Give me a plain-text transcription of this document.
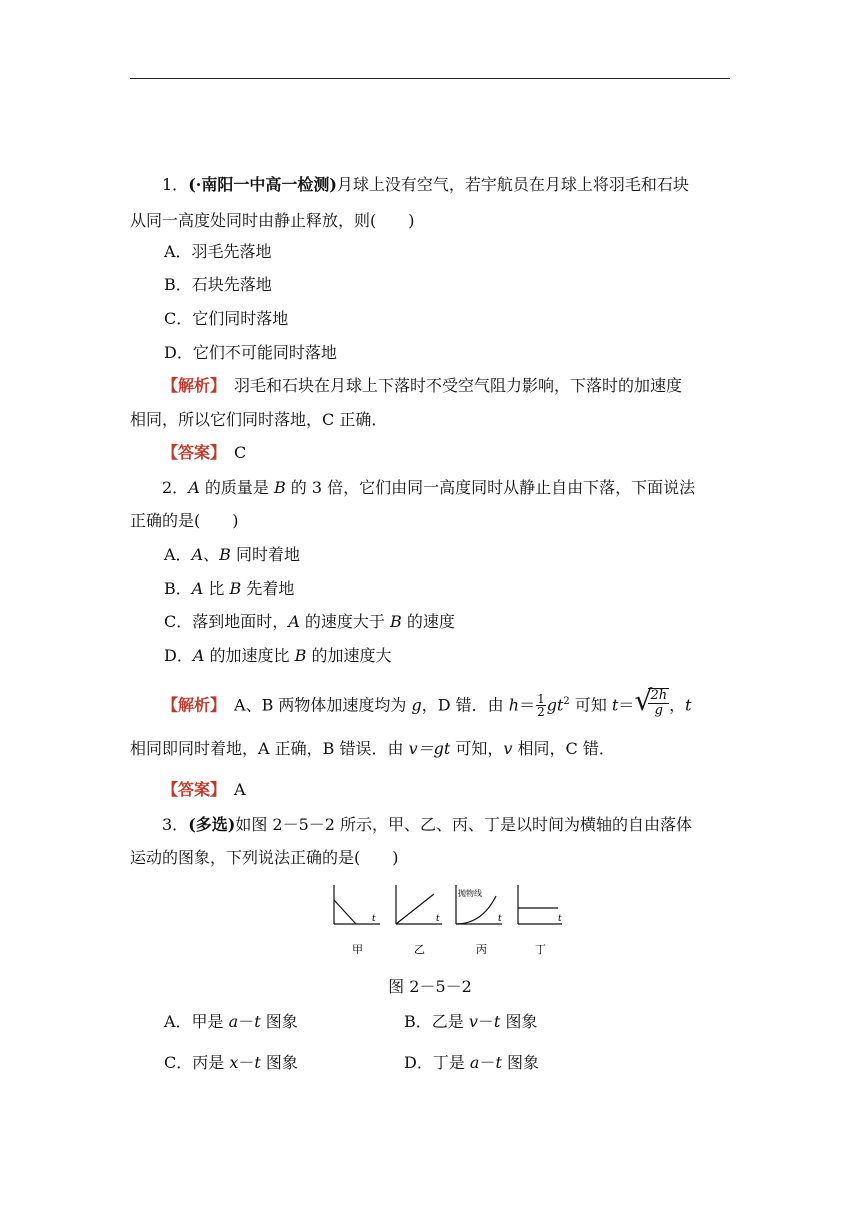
1．(·南阳一中高一检测)月球上没有空气，若宇航员在月球上将羽毛和石块
从同一高度处同时由静止释放，则(　　)
A．羽毛先落地
B．石块先落地
C．它们同时落地
D．它们不可能同时落地
【解析】　羽毛和石块在月球上下落时不受空气阻力影响，下落时的加速度
相同，所以它们同时落地，C 正确．
【答案】　C
2．A 的质量是 B 的 3 倍，它们由同一高度同时从静止自由下落，下面说法
正确的是(　　)
A．A、B 同时着地
B．A 比 B 先着地
C．落到地面时，A 的速度大于 B 的速度
D．A 的加速度比 B 的加速度大
【解析】　A、B 两物体加速度均为 g，D 错．由 $h= \frac{1}{2} gt^2$ 可知 t＝ √
$\frac{2h}{g}$ ，t
相同即同时着地，A 正确，B 错误．由 v＝gt 可知，v 相同，C 错．
【答案】　A
3．(多选)如图 2－5－2 所示，甲、乙、丙、丁是以时间为横轴的自由落体
运动的图象，下列说法正确的是(　　)
t
甲
t
乙
抛物线
t
丙
t
丁
图 2－5－2
A．甲是 a－t 图象	B．乙是 v－t 图象
C．丙是 x－t 图象	D．丁是 a－t 图象
